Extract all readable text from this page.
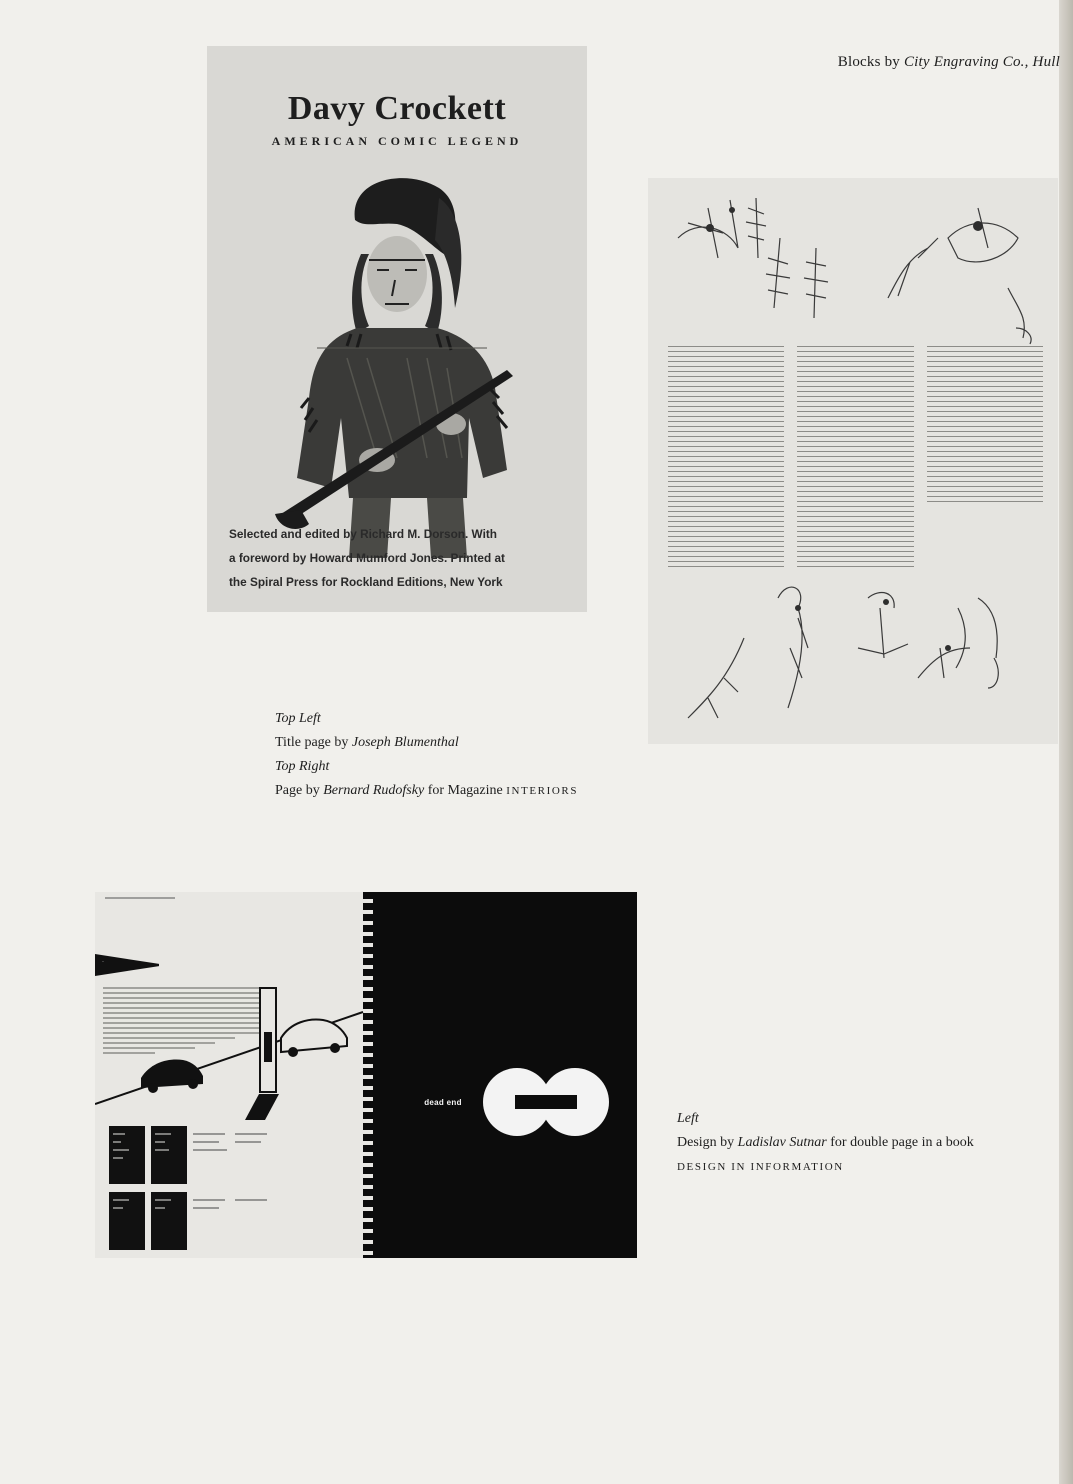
Blocks by City Engraving Co., Hull
Davy Crockett
AMERICAN COMIC LEGEND
Selected and edited by Richard M. Dorson. With
a foreword by Howard Mumford Jones. Printed at
the Spiral Press for Rockland Editions, New York
Top Left
Title page by Joseph Blumenthal
Top Right
Page by Bernard Rudofsky for Magazine INTERIORS
·
dead end
Left
Design by Ladislav Sutnar for double page in a book
DESIGN IN INFORMATION
